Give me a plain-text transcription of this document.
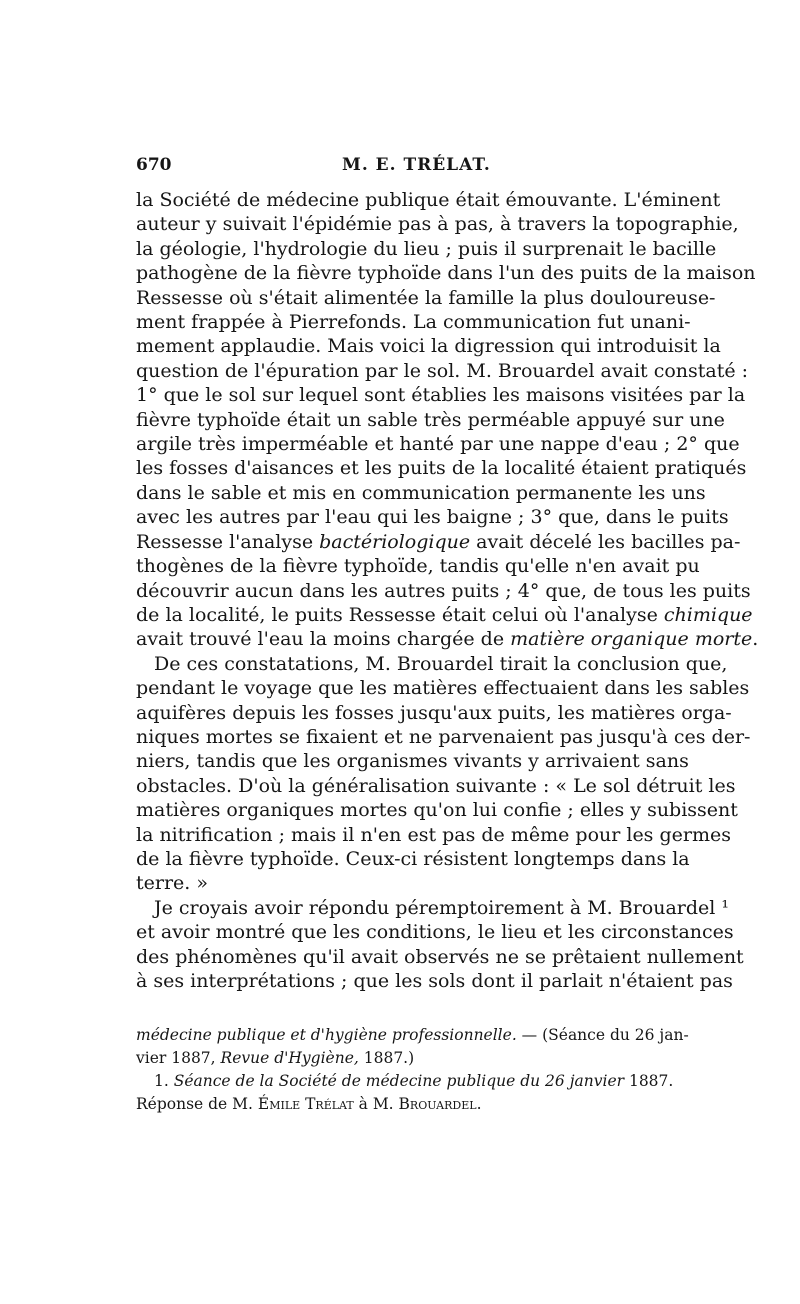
670	M. E. TRÉLAT.
la Société de médecine publique était émouvante. L'éminent
auteur y suivait l'épidémie pas à pas, à travers la topographie,
la géologie, l'hydrologie du lieu ; puis il surprenait le bacille
pathogène de la fièvre typhoïde dans l'un des puits de la maison
Ressesse où s'était alimentée la famille la plus douloureuse-
ment frappée à Pierrefonds. La communication fut unani-
mement applaudie. Mais voici la digression qui introduisit la
question de l'épuration par le sol. M. Brouardel avait constaté :
1° que le sol sur lequel sont établies les maisons visitées par la
fièvre typhoïde était un sable très perméable appuyé sur une
argile très imperméable et hanté par une nappe d'eau ; 2° que
les fosses d'aisances et les puits de la localité étaient pratiqués
dans le sable et mis en communication permanente les uns
avec les autres par l'eau qui les baigne ; 3° que, dans le puits
Ressesse l'analyse bactériologique avait décelé les bacilles pa-
thogènes de la fièvre typhoïde, tandis qu'elle n'en avait pu
découvrir aucun dans les autres puits ; 4° que, de tous les puits
de la localité, le puits Ressesse était celui où l'analyse chimique
avait trouvé l'eau la moins chargée de matière organique morte.
De ces constatations, M. Brouardel tirait la conclusion que,
pendant le voyage que les matières effectuaient dans les sables
aquifères depuis les fosses jusqu'aux puits, les matières orga-
niques mortes se fixaient et ne parvenaient pas jusqu'à ces der-
niers, tandis que les organismes vivants y arrivaient sans
obstacles. D'où la généralisation suivante : « Le sol détruit les
matières organiques mortes qu'on lui confie ; elles y subissent
la nitrification ; mais il n'en est pas de même pour les germes
de la fièvre typhoïde. Ceux-ci résistent longtemps dans la
terre. »
Je croyais avoir répondu péremptoirement à M. Brouardel ¹
et avoir montré que les conditions, le lieu et les circonstances
des phénomènes qu'il avait observés ne se prêtaient nullement
à ses interprétations ; que les sols dont il parlait n'étaient pas
médecine publique et d'hygiène professionnelle. — (Séance du 26 jan-
vier 1887, Revue d'Hygiène, 1887.)
1. Séance de la Société de médecine publique du 26 janvier 1887.
Réponse de M. Émile Trélat à M. Brouardel.
